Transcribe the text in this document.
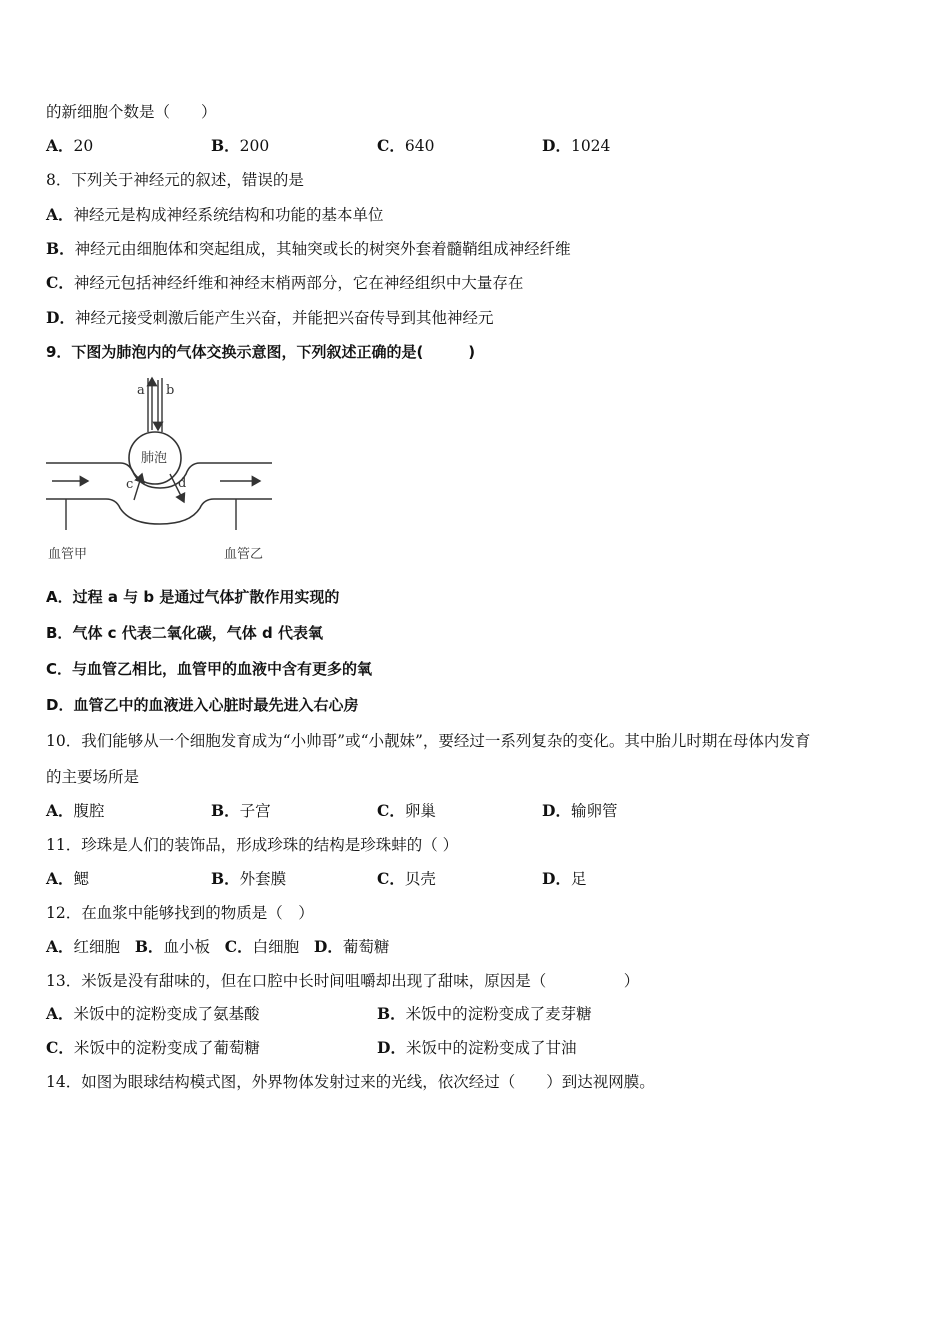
的新细胞个数是（　　）
A．20	B．200	C．640	D．1024
8．下列关于神经元的叙述，错误的是
A．神经元是构成神经系统结构和功能的基本单位
B．神经元由细胞体和突起组成，其轴突或长的树突外套着髓鞘组成神经纤维
C．神经元包括神经纤维和神经末梢两部分，它在神经组织中大量存在
D．神经元接受刺激后能产生兴奋，并能把兴奋传导到其他神经元
9．下图为肺泡内的气体交换示意图，下列叙述正确的是(　　　)
a b
肺泡
c	d
血管甲	血管乙
A．过程 a 与 b 是通过气体扩散作用实现的
B．气体 c 代表二氧化碳，气体 d 代表氧
C．与血管乙相比，血管甲的血液中含有更多的氧
D．血管乙中的血液进入心脏时最先进入右心房
10．我们能够从一个细胞发育成为“小帅哥”或“小靓妹”，要经过一系列复杂的变化。其中胎儿时期在母体内发育
的主要场所是
A．腹腔	B．子宫	C．卵巢	D．输卵管
11．珍珠是人们的装饰品，形成珍珠的结构是珍珠蚌的（ ）
A．鳃	B．外套膜	C．贝壳	D．足
12．在血浆中能够找到的物质是（　）
A．红细胞 B．血小板 C．白细胞 D．葡萄糖
13．米饭是没有甜味的，但在口腔中长时间咀嚼却出现了甜味，原因是（　　　　　）
A．米饭中的淀粉变成了氨基酸	B．米饭中的淀粉变成了麦芽糖
C．米饭中的淀粉变成了葡萄糖	D．米饭中的淀粉变成了甘油
14．如图为眼球结构模式图，外界物体发射过来的光线，依次经过（　　）到达视网膜。
